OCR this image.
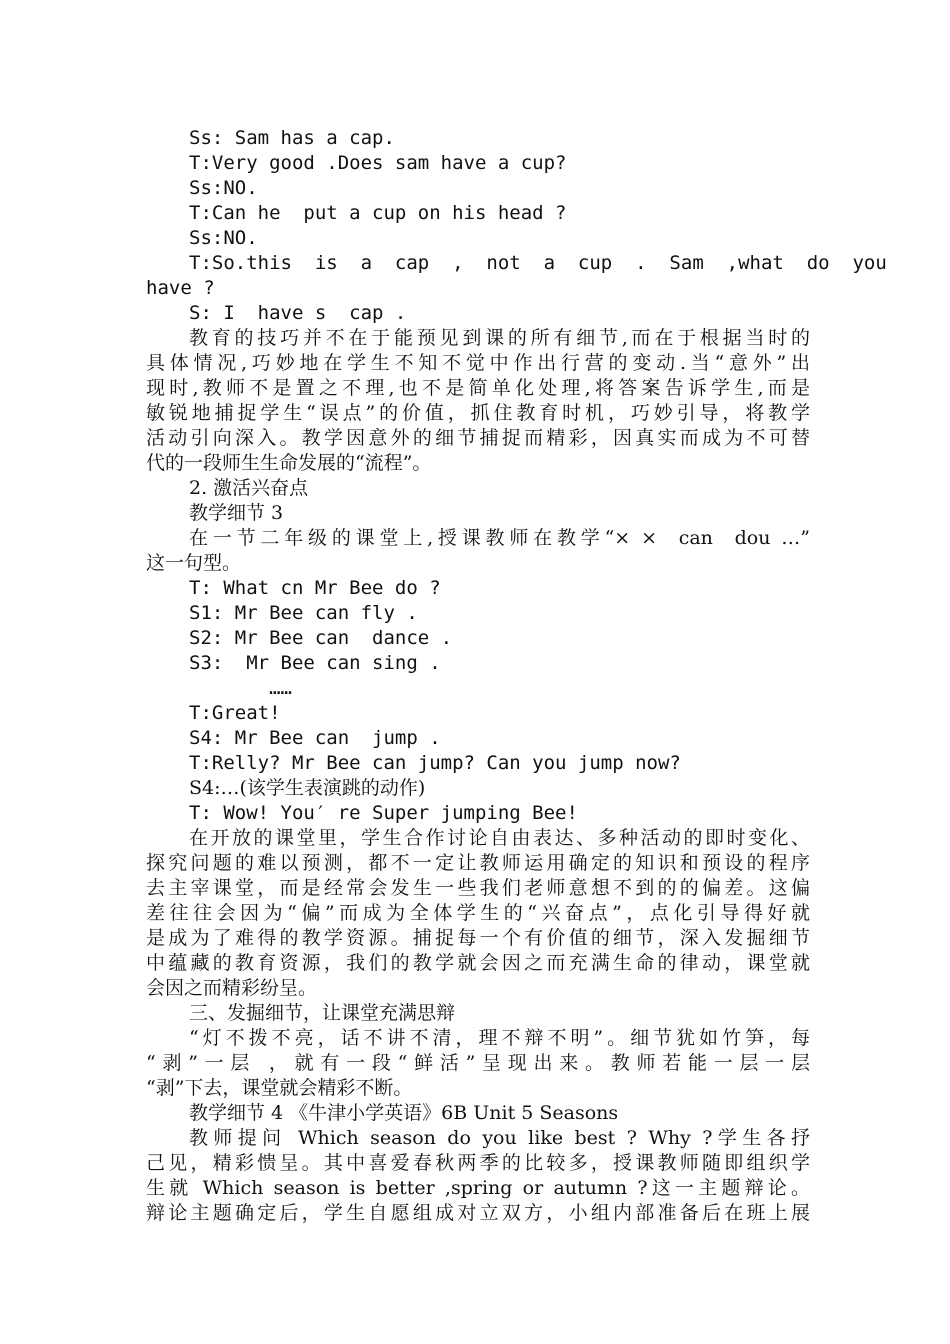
Ss: Sam has a cap.
T:Very good .Does sam have a cup?
Ss:NO.
T:Can he  put a cup on his head ?
Ss:NO.
T:So.this  is  a  cap  ,  not  a  cup  .  Sam  ,what  do  you
have ?
S: I  have s  cap .
教育的技巧并不在于能预见到课的所有细节,而在于根据当时的
具体情况,巧妙地在学生不知不觉中作出行营的变动.当“意外”出
现时,教师不是置之不理,也不是简单化处理,将答案告诉学生,而是
敏锐地捕捉学生“误点”的价值，抓住教育时机，巧妙引导，将教学
活动引向深入。教学因意外的细节捕捉而精彩，因真实而成为不可替
代的一段师生生命发展的“流程”。
2. 激活兴奋点
教学细节 3
在一节二年级的课堂上,授课教师在教学“× ×  can  dou …”
这一句型。
T: What cn Mr Bee do ?
S1: Mr Bee can fly .
S2: Mr Bee can  dance .
S3:  Mr Bee can sing .
……
T:Great!
S4: Mr Bee can  jump .
T:Relly? Mr Bee can jump? Can you jump now?
S4:…(该学生表演跳的动作)
T: Wow! You′ re Super jumping Bee!
在开放的课堂里，学生合作讨论自由表达、多种活动的即时变化、
探究问题的难以预测，都不一定让教师运用确定的知识和预设的程序
去主宰课堂，而是经常会发生一些我们老师意想不到的的偏差。这偏
差往往会因为“偏”而成为全体学生的“兴奋点”，点化引导得好就
是成为了难得的教学资源。捕捉每一个有价值的细节，深入发掘细节
中蕴藏的教育资源，我们的教学就会因之而充满生命的律动，课堂就
会因之而精彩纷呈。
三、发掘细节，让课堂充满思辩
“灯不拨不亮，话不讲不清，理不辩不明”。细节犹如竹笋，每
“剥”一层 ，就有一段“鲜活”呈现出来。教师若能一层一层
“剥”下去，课堂就会精彩不断。
教学细节 4 《牛津小学英语》6B Unit 5 Seasons
教师提问 Which season do you like best ? Why ?学生各抒
己见，精彩愦呈。其中喜爱春秋两季的比较多，授课教师随即组织学
生就 Which season is better ,spring or autumn ?这一主题辩论。
辩论主题确定后，学生自愿组成对立双方，小组内部准备后在班上展
